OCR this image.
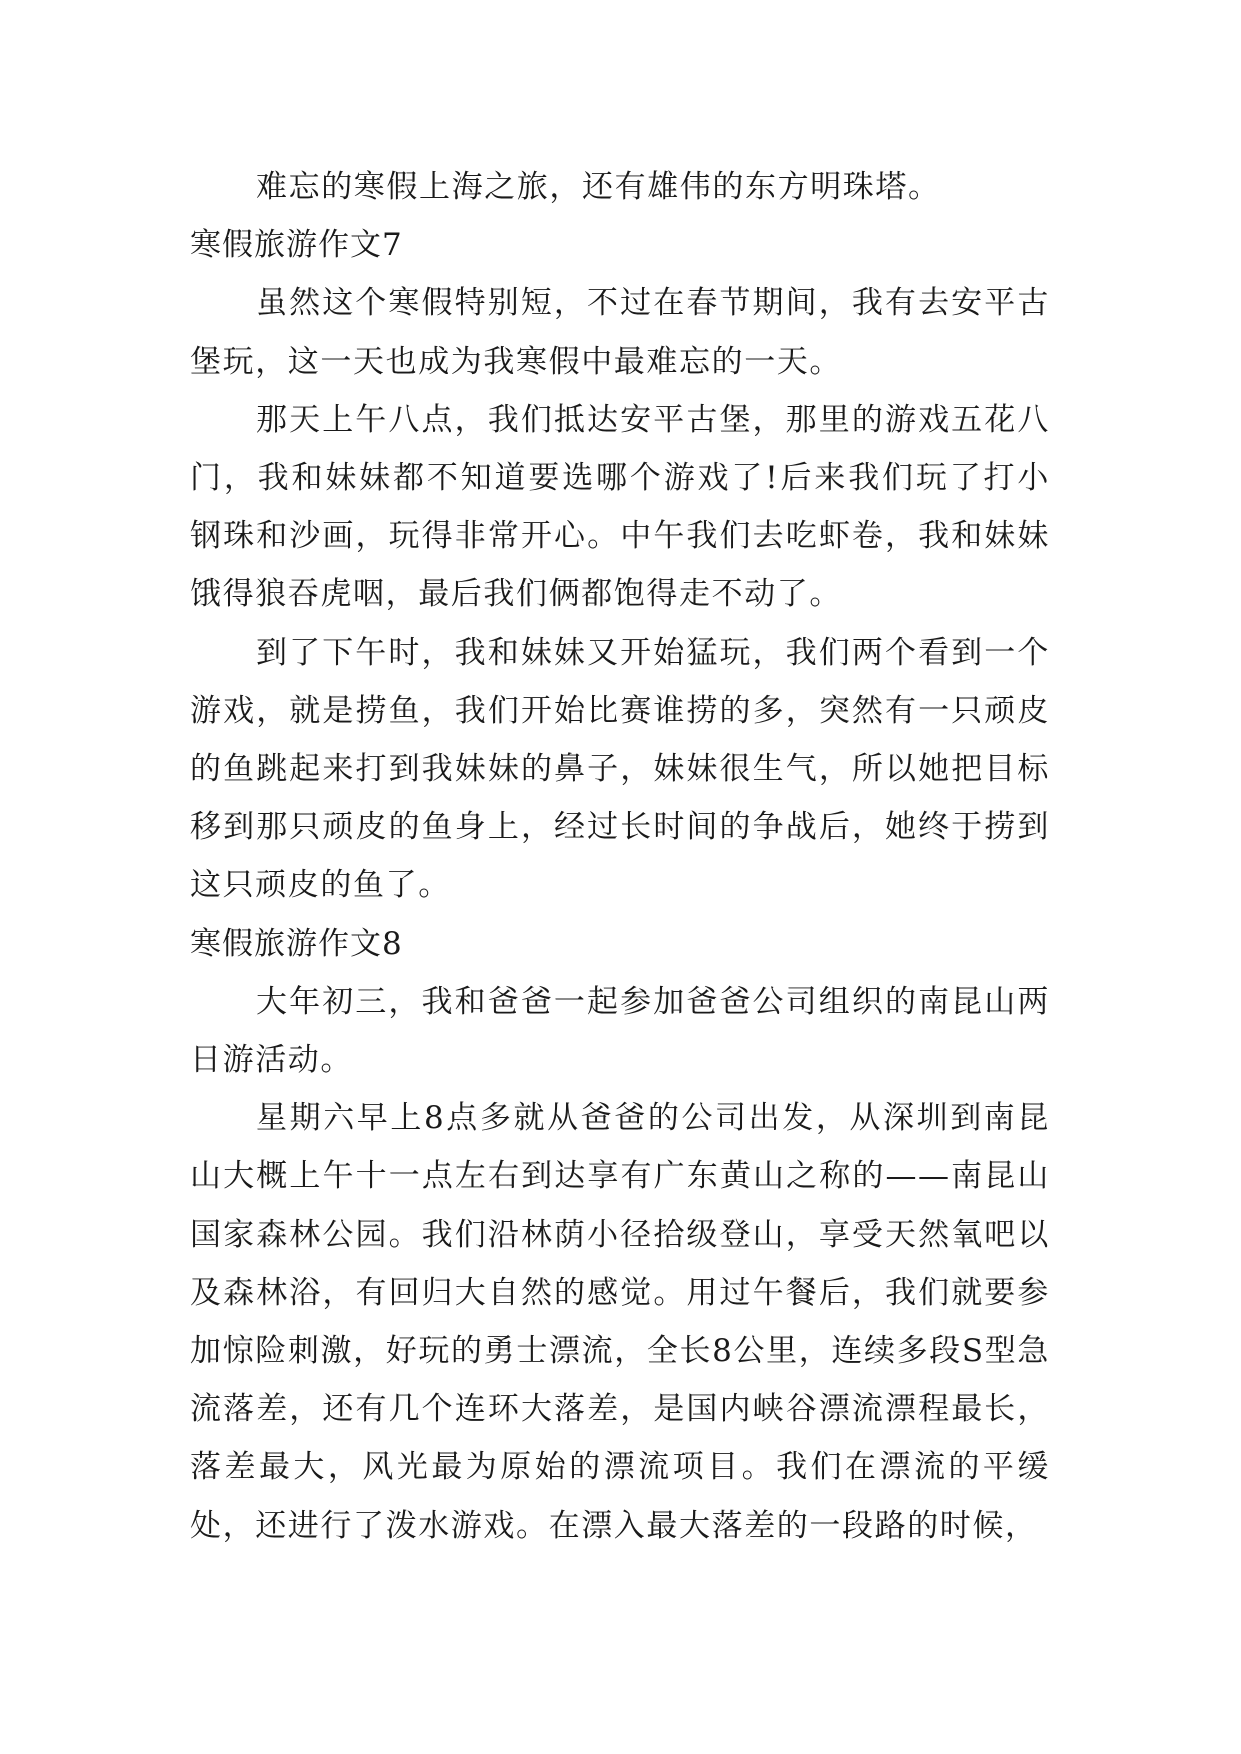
难忘的寒假上海之旅，还有雄伟的东方明珠塔。

寒假旅游作文7

虽然这个寒假特别短，不过在春节期间，我有去安平古堡玩，这一天也成为我寒假中最难忘的一天。

那天上午八点，我们抵达安平古堡，那里的游戏五花八门，我和妹妹都不知道要选哪个游戏了!后来我们玩了打小钢珠和沙画，玩得非常开心。中午我们去吃虾卷，我和妹妹饿得狼吞虎咽，最后我们俩都饱得走不动了。

到了下午时，我和妹妹又开始猛玩，我们两个看到一个游戏，就是捞鱼，我们开始比赛谁捞的多，突然有一只顽皮的鱼跳起来打到我妹妹的鼻子，妹妹很生气，所以她把目标移到那只顽皮的鱼身上，经过长时间的争战后，她终于捞到这只顽皮的鱼了。

寒假旅游作文8

大年初三，我和爸爸一起参加爸爸公司组织的南昆山两日游活动。

星期六早上8点多就从爸爸的公司出发，从深圳到南昆山大概上午十一点左右到达享有广东黄山之称的——南昆山国家森林公园。我们沿林荫小径拾级登山，享受天然氧吧以及森林浴，有回归大自然的感觉。用过午餐后，我们就要参加惊险刺激，好玩的勇士漂流，全长8公里，连续多段S型急流落差，还有几个连环大落差，是国内峡谷漂流漂程最长，落差最大，风光最为原始的漂流项目。我们在漂流的平缓处，还进行了泼水游戏。在漂入最大落差的一段路的时候，
